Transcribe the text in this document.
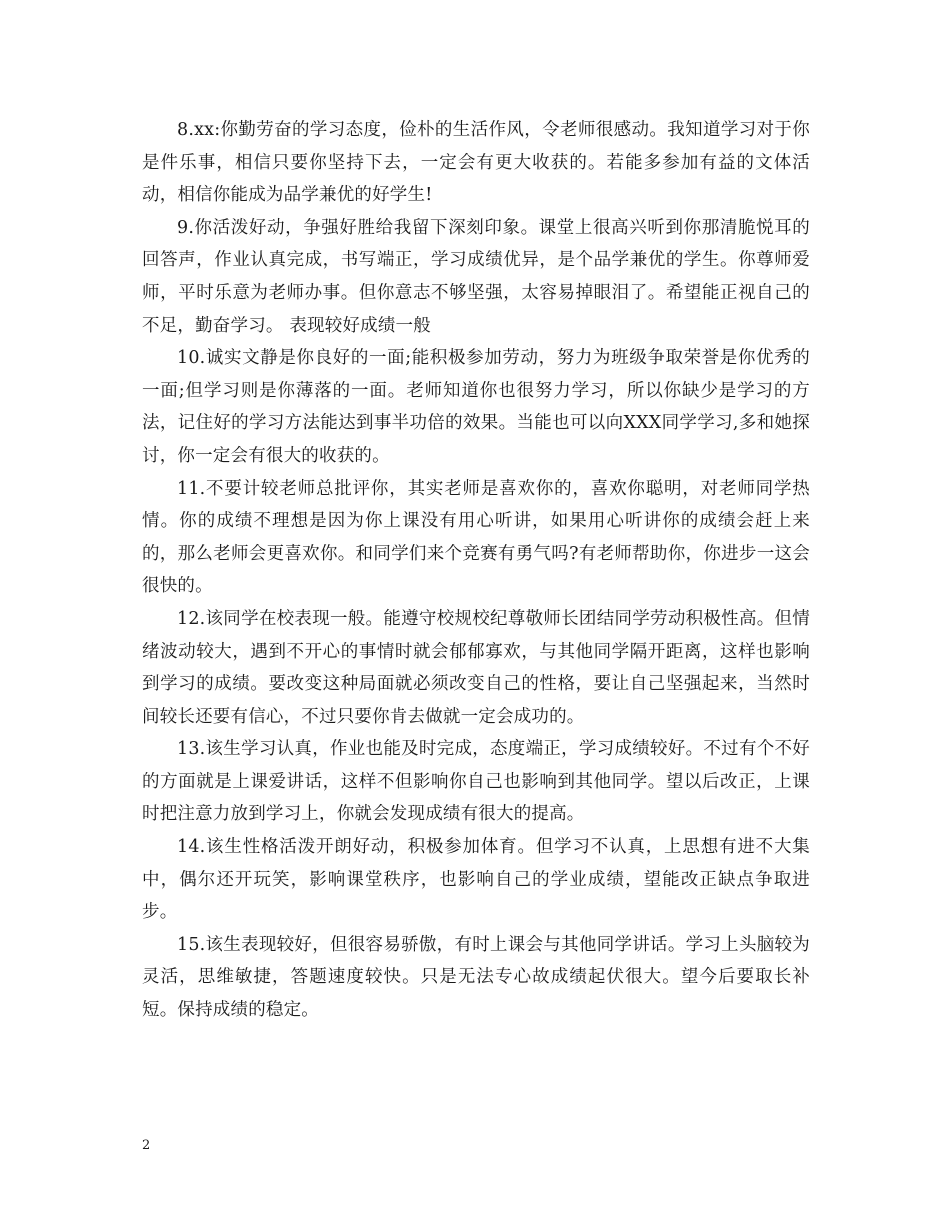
8.xx:你勤劳奋的学习态度，俭朴的生活作风，令老师很感动。我知道学习对于你是件乐事，相信只要你坚持下去，一定会有更大收获的。若能多参加有益的文体活动，相信你能成为品学兼优的好学生!

9.你活泼好动，争强好胜给我留下深刻印象。课堂上很高兴听到你那清脆悦耳的回答声，作业认真完成，书写端正，学习成绩优异，是个品学兼优的学生。你尊师爱师，平时乐意为老师办事。但你意志不够坚强，太容易掉眼泪了。希望能正视自己的不足，勤奋学习。 表现较好成绩一般

10.诚实文静是你良好的一面;能积极参加劳动，努力为班级争取荣誉是你优秀的一面;但学习则是你薄落的一面。老师知道你也很努力学习，所以你缺少是学习的方法，记住好的学习方法能达到事半功倍的效果。当能也可以向XXX同学学习,多和她探讨，你一定会有很大的收获的。

11.不要计较老师总批评你，其实老师是喜欢你的，喜欢你聪明，对老师同学热情。你的成绩不理想是因为你上课没有用心听讲，如果用心听讲你的成绩会赶上来的，那么老师会更喜欢你。和同学们来个竞赛有勇气吗?有老师帮助你，你进步一这会很快的。

12.该同学在校表现一般。能遵守校规校纪尊敬师长团结同学劳动积极性高。但情绪波动较大，遇到不开心的事情时就会郁郁寡欢，与其他同学隔开距离，这样也影响到学习的成绩。要改变这种局面就必须改变自己的性格，要让自己坚强起来，当然时间较长还要有信心，不过只要你肯去做就一定会成功的。

13.该生学习认真，作业也能及时完成，态度端正，学习成绩较好。不过有个不好的方面就是上课爱讲话，这样不但影响你自己也影响到其他同学。望以后改正，上课时把注意力放到学习上，你就会发现成绩有很大的提高。

14.该生性格活泼开朗好动，积极参加体育。但学习不认真，上思想有进不大集中，偶尔还开玩笑，影响课堂秩序，也影响自己的学业成绩，望能改正缺点争取进步。

15.该生表现较好，但很容易骄傲，有时上课会与其他同学讲话。学习上头脑较为灵活，思维敏捷，答题速度较快。只是无法专心故成绩起伏很大。望今后要取长补短。保持成绩的稳定。

2
